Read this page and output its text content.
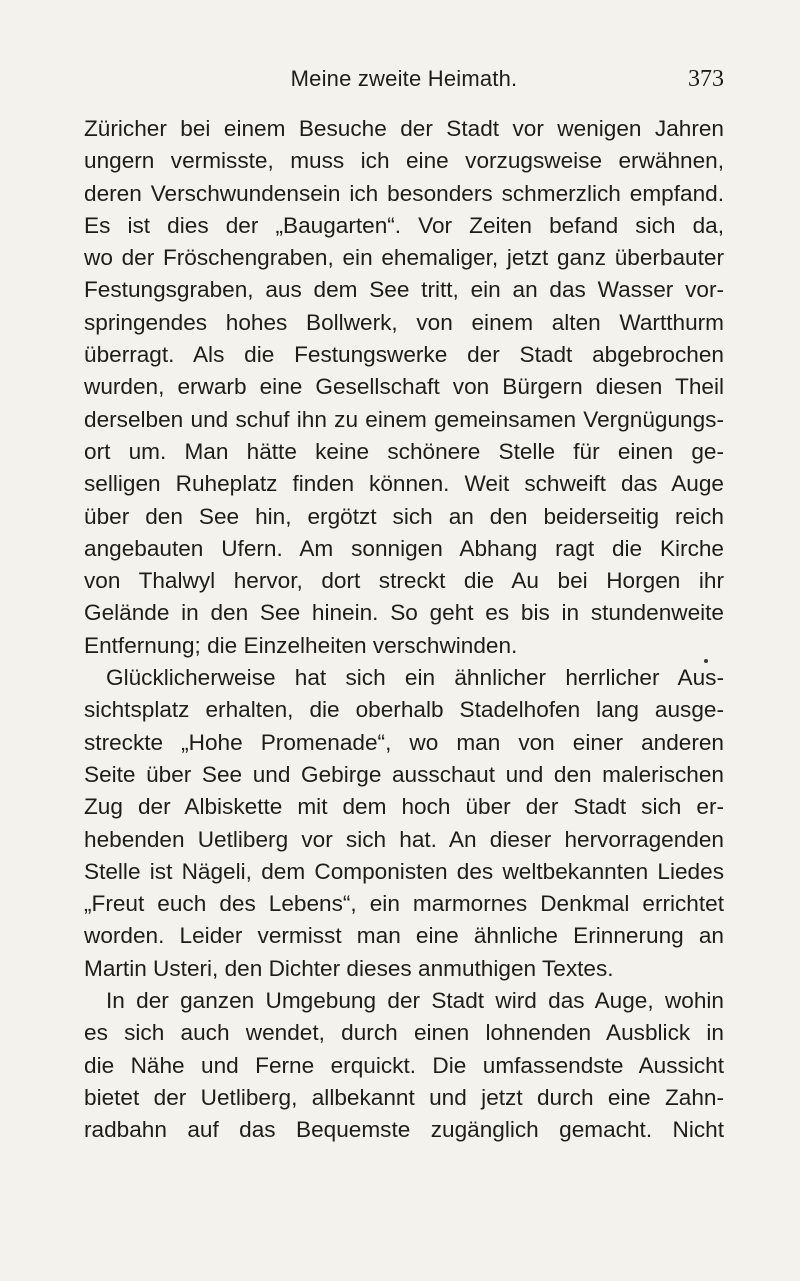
Meine zweite Heimath.	373
Züricher bei einem Besuche der Stadt vor wenigen Jahren
ungern vermisste, muss ich eine vorzugsweise erwähnen,
deren Verschwundensein ich besonders schmerzlich empfand.
Es ist dies der „Baugarten“. Vor Zeiten befand sich da,
wo der Fröschengraben, ein ehemaliger, jetzt ganz überbauter
Festungsgraben, aus dem See tritt, ein an das Wasser vor-
springendes hohes Bollwerk, von einem alten Wartthurm
überragt. Als die Festungswerke der Stadt abgebrochen
wurden, erwarb eine Gesellschaft von Bürgern diesen Theil
derselben und schuf ihn zu einem gemeinsamen Vergnügungs-
ort um. Man hätte keine schönere Stelle für einen ge-
selligen Ruheplatz finden können. Weit schweift das Auge
über den See hin, ergötzt sich an den beiderseitig reich
angebauten Ufern. Am sonnigen Abhang ragt die Kirche
von Thalwyl hervor, dort streckt die Au bei Horgen ihr
Gelände in den See hinein. So geht es bis in stundenweite
Entfernung; die Einzelheiten verschwinden.
Glücklicherweise hat sich ein ähnlicher herrlicher Aus-
sichtsplatz erhalten, die oberhalb Stadelhofen lang ausge-
streckte „Hohe Promenade“, wo man von einer anderen
Seite über See und Gebirge ausschaut und den malerischen
Zug der Albiskette mit dem hoch über der Stadt sich er-
hebenden Uetliberg vor sich hat. An dieser hervorragenden
Stelle ist Nägeli, dem Componisten des weltbekannten Liedes
„Freut euch des Lebens“, ein marmornes Denkmal errichtet
worden. Leider vermisst man eine ähnliche Erinnerung an
Martin Usteri, den Dichter dieses anmuthigen Textes.
In der ganzen Umgebung der Stadt wird das Auge, wohin
es sich auch wendet, durch einen lohnenden Ausblick in
die Nähe und Ferne erquickt. Die umfassendste Aussicht
bietet der Uetliberg, allbekannt und jetzt durch eine Zahn-
radbahn auf das Bequemste zugänglich gemacht. Nicht
